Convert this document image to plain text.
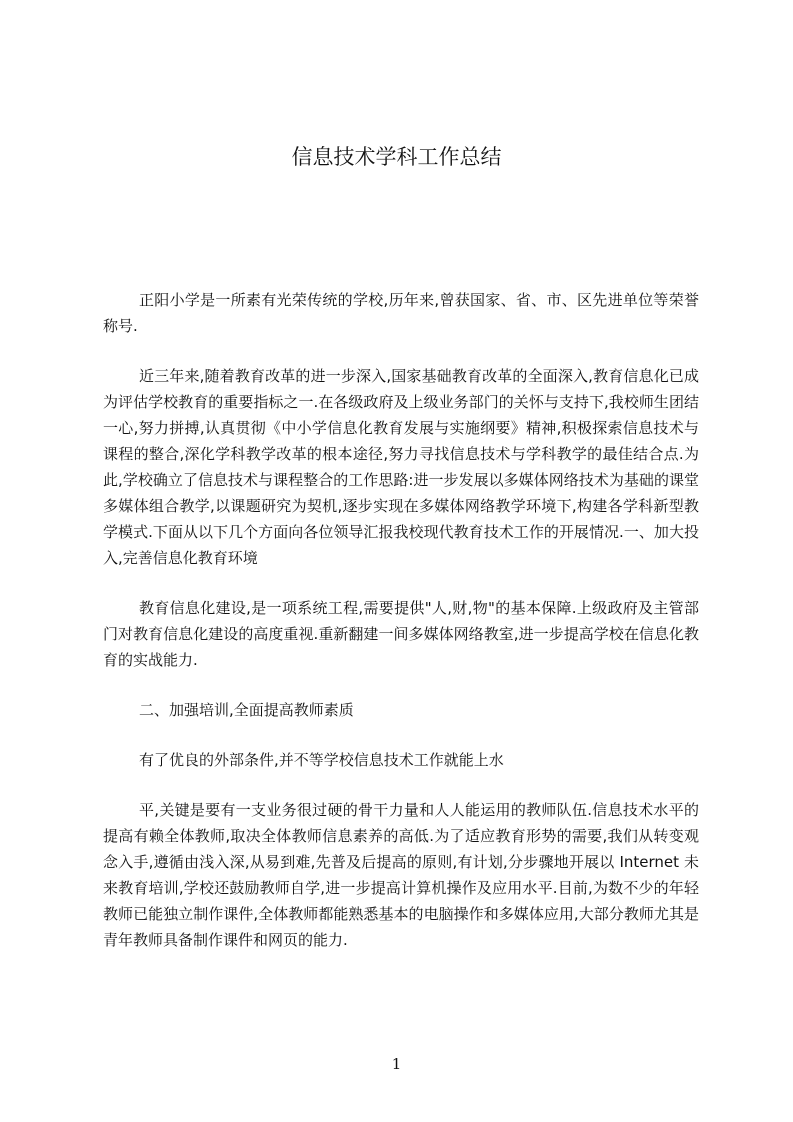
信息技术学科工作总结

正阳小学是一所素有光荣传统的学校,历年来,曾获国家、省、市、区先进单位等荣誉称号.

近三年来,随着教育改革的进一步深入,国家基础教育改革的全面深入,教育信息化已成为评估学校教育的重要指标之一.在各级政府及上级业务部门的关怀与支持下,我校师生团结一心,努力拼搏,认真贯彻《中小学信息化教育发展与实施纲要》精神,积极探索信息技术与课程的整合,深化学科教学改革的根本途径,努力寻找信息技术与学科教学的最佳结合点.为此,学校确立了信息技术与课程整合的工作思路:进一步发展以多媒体网络技术为基础的课堂多媒体组合教学,以课题研究为契机,逐步实现在多媒体网络教学环境下,构建各学科新型教学模式.下面从以下几个方面向各位领导汇报我校现代教育技术工作的开展情况.一、加大投入,完善信息化教育环境

教育信息化建设,是一项系统工程,需要提供"人,财,物"的基本保障.上级政府及主管部门对教育信息化建设的高度重视.重新翻建一间多媒体网络教室,进一步提高学校在信息化教育的实战能力.

二、加强培训,全面提高教师素质

有了优良的外部条件,并不等学校信息技术工作就能上水

平,关键是要有一支业务很过硬的骨干力量和人人能运用的教师队伍.信息技术水平的提高有赖全体教师,取决全体教师信息素养的高低.为了适应教育形势的需要,我们从转变观念入手,遵循由浅入深,从易到难,先普及后提高的原则,有计划,分步骤地开展以 Internet 未来教育培训,学校还鼓励教师自学,进一步提高计算机操作及应用水平.目前,为数不少的年轻教师已能独立制作课件,全体教师都能熟悉基本的电脑操作和多媒体应用,大部分教师尤其是青年教师具备制作课件和网页的能力.

1
